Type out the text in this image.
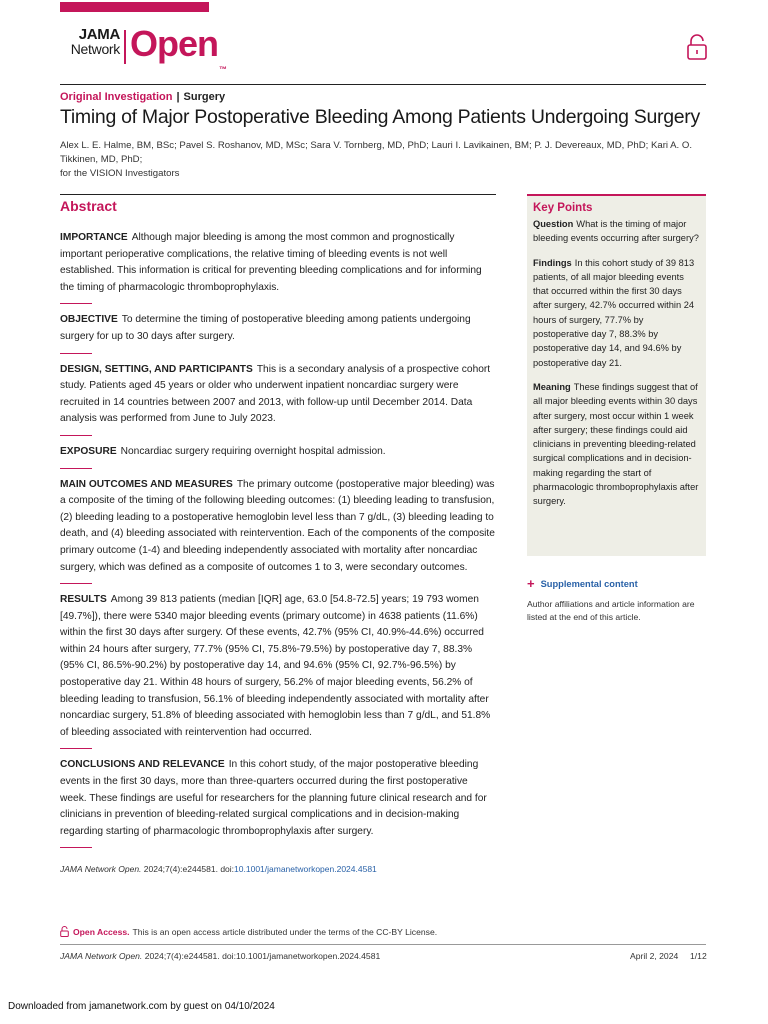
JAMA
Network Open™
Original Investigation | Surgery
Timing of Major Postoperative Bleeding Among Patients Undergoing Surgery
Alex L. E. Halme, BM, BSc; Pavel S. Roshanov, MD, MSc; Sara V. Tornberg, MD, PhD; Lauri I. Lavikainen, BM; P. J. Devereaux, MD, PhD; Kari A. O. Tikkinen, MD, PhD;
for the VISION Investigators
Abstract

IMPORTANCE Although major bleeding is among the most common and prognostically important perioperative complications, the relative timing of bleeding events is not well established. This information is critical for preventing bleeding complications and for informing the timing of pharmacologic thromboprophylaxis.

OBJECTIVE To determine the timing of postoperative bleeding among patients undergoing surgery for up to 30 days after surgery.

DESIGN, SETTING, AND PARTICIPANTS This is a secondary analysis of a prospective cohort study. Patients aged 45 years or older who underwent inpatient noncardiac surgery were recruited in 14 countries between 2007 and 2013, with follow-up until December 2014. Data analysis was performed from June to July 2023.

EXPOSURE Noncardiac surgery requiring overnight hospital admission.

MAIN OUTCOMES AND MEASURES The primary outcome (postoperative major bleeding) was a composite of the timing of the following bleeding outcomes: (1) bleeding leading to transfusion, (2) bleeding leading to a postoperative hemoglobin level less than 7 g/dL, (3) bleeding leading to death, and (4) bleeding associated with reintervention. Each of the components of the composite primary outcome (1-4) and bleeding independently associated with mortality after noncardiac surgery, which was defined as a composite of outcomes 1 to 3, were secondary outcomes.

RESULTS Among 39 813 patients (median [IQR] age, 63.0 [54.8-72.5] years; 19 793 women [49.7%]), there were 5340 major bleeding events (primary outcome) in 4638 patients (11.6%) within the first 30 days after surgery. Of these events, 42.7% (95% CI, 40.9%-44.6%) occurred within 24 hours after surgery, 77.7% (95% CI, 75.8%-79.5%) by postoperative day 7, 88.3% (95% CI, 86.5%-90.2%) by postoperative day 14, and 94.6% (95% CI, 92.7%-96.5%) by postoperative day 21. Within 48 hours of surgery, 56.2% of major bleeding events, 56.2% of bleeding leading to transfusion, 56.1% of bleeding independently associated with mortality after noncardiac surgery, 51.8% of bleeding associated with hemoglobin less than 7 g/dL, and 51.8% of bleeding associated with reintervention had occurred.

CONCLUSIONS AND RELEVANCE In this cohort study, of the major postoperative bleeding events in the first 30 days, more than three-quarters occurred during the first postoperative week. These findings are useful for researchers for the planning future clinical research and for clinicians in prevention of bleeding-related surgical complications and in decision-making regarding starting of pharmacologic thromboprophylaxis after surgery.

JAMA Network Open. 2024;7(4):e244581. doi:10.1001/jamanetworkopen.2024.4581
Key Points

Question What is the timing of major bleeding events occurring after surgery?

Findings In this cohort study of 39 813 patients, of all major bleeding events that occurred within the first 30 days after surgery, 42.7% occurred within 24 hours of surgery, 77.7% by postoperative day 7, 88.3% by postoperative day 14, and 94.6% by postoperative day 21.

Meaning These findings suggest that of all major bleeding events within 30 days after surgery, most occur within 1 week after surgery; these findings could aid clinicians in preventing bleeding-related surgical complications and in decision-making regarding the start of pharmacologic thromboprophylaxis after surgery.

+ Supplemental content
Author affiliations and article information are listed at the end of this article.
Open Access. This is an open access article distributed under the terms of the CC-BY License.
JAMA Network Open. 2024;7(4):e244581. doi:10.1001/jamanetworkopen.2024.4581	April 2, 2024 1/12
Downloaded from jamanetwork.com by guest on 04/10/2024
